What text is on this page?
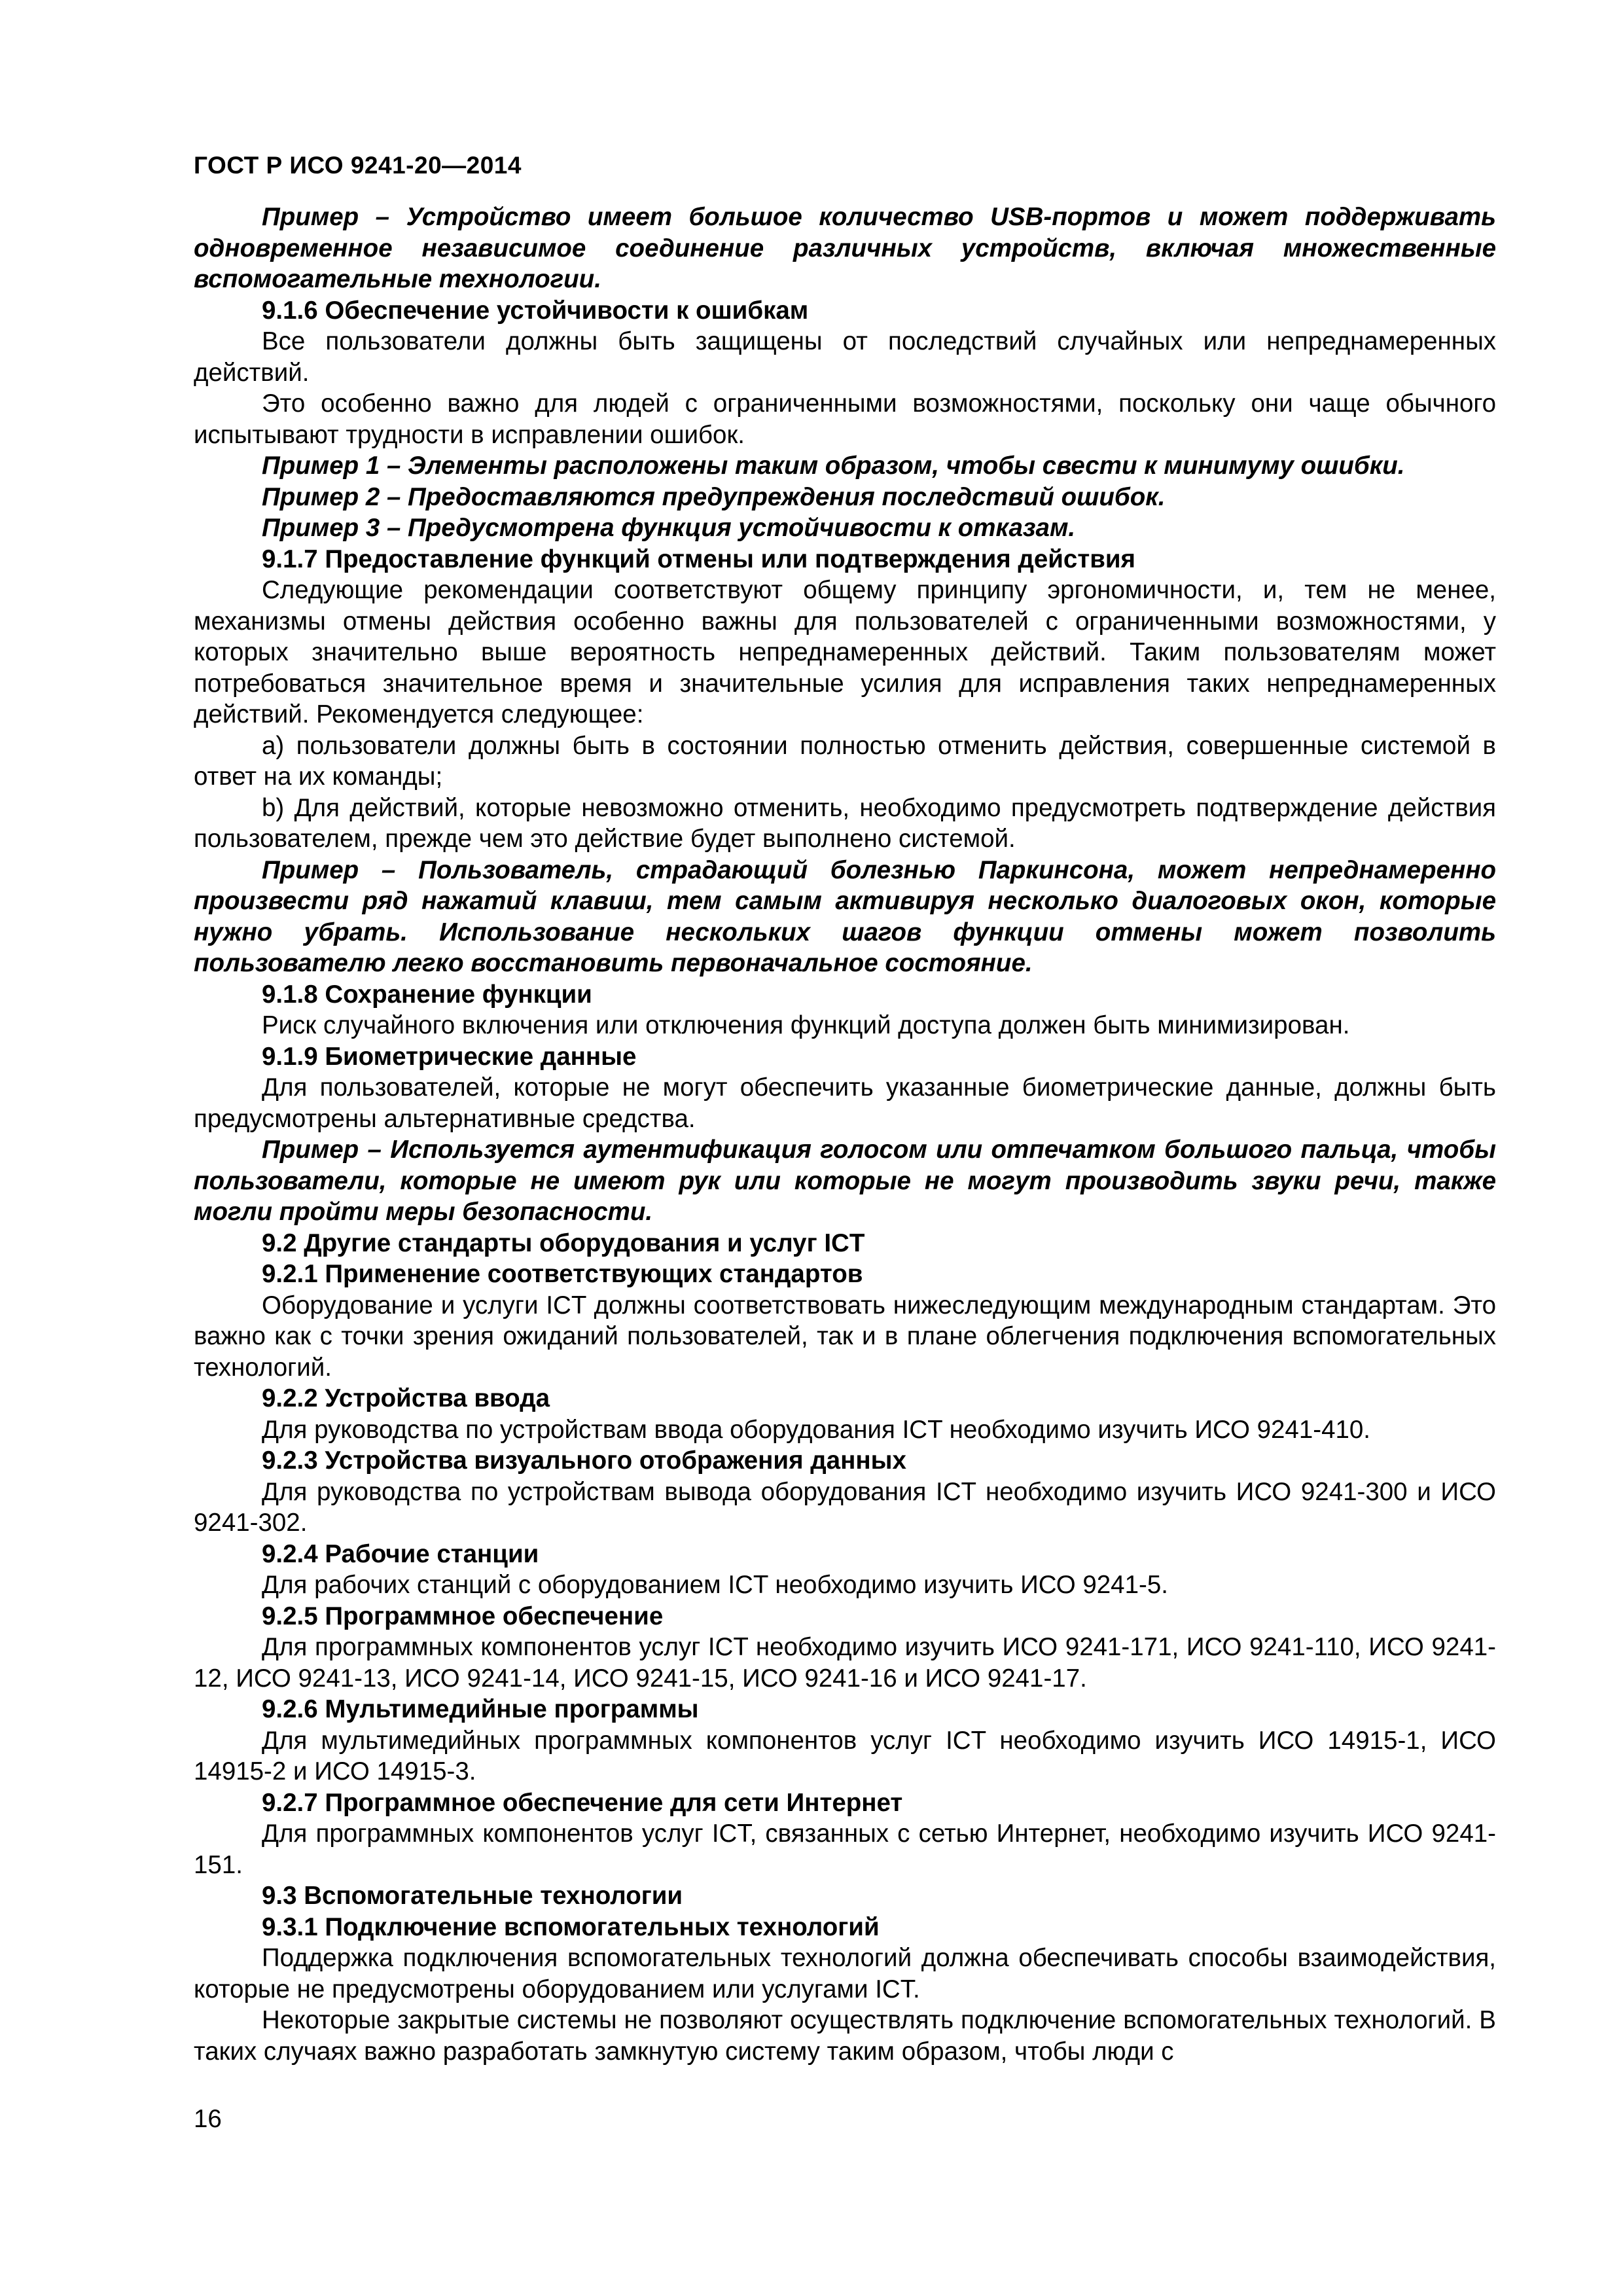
ГОСТ Р ИСО 9241-20—2014

Пример – Устройство имеет большое количество USB-портов и может поддерживать одновременное независимое соединение различных устройств, включая множественные вспомогательные технологии.

9.1.6 Обеспечение устойчивости к ошибкам

Все пользователи должны быть защищены от последствий случайных или непреднамеренных действий.

Это особенно важно для людей с ограниченными возможностями, поскольку они чаще обычного испытывают трудности в исправлении ошибок.

Пример 1 – Элементы расположены таким образом, чтобы свести к минимуму ошибки.

Пример 2 – Предоставляются предупреждения последствий ошибок.

Пример 3 – Предусмотрена функция устойчивости к отказам.

9.1.7 Предоставление функций отмены или подтверждения действия

Следующие рекомендации соответствуют общему принципу эргономичности, и, тем не менее, механизмы отмены действия особенно важны для пользователей с ограниченными возможностями, у которых значительно выше вероятность непреднамеренных действий. Таким пользователям может потребоваться значительное время и значительные усилия для исправления таких непреднамеренных действий. Рекомендуется следующее:

a) пользователи должны быть в состоянии полностью отменить действия, совершенные системой в ответ на их команды;

b) Для действий, которые невозможно отменить, необходимо предусмотреть подтверждение действия пользователем, прежде чем это действие будет выполнено системой.

Пример – Пользователь, страдающий болезнью Паркинсона, может непреднамеренно произвести ряд нажатий клавиш, тем самым активируя несколько диалоговых окон, которые нужно убрать. Использование нескольких шагов функции отмены может позволить пользователю легко восстановить первоначальное состояние.

9.1.8 Сохранение функции

Риск случайного включения или отключения функций доступа должен быть минимизирован.

9.1.9 Биометрические данные

Для пользователей, которые не могут обеспечить указанные биометрические данные, должны быть предусмотрены альтернативные средства.

Пример – Используется аутентификация голосом или отпечатком большого пальца, чтобы пользователи, которые не имеют рук или которые не могут производить звуки речи, также могли пройти меры безопасности.

9.2 Другие стандарты оборудования и услуг ICT

9.2.1 Применение соответствующих стандартов

Оборудование и услуги ICT должны соответствовать нижеследующим международным стандартам. Это важно как с точки зрения ожиданий пользователей, так и в плане облегчения подключения вспомогательных технологий.

9.2.2 Устройства ввода

Для руководства по устройствам ввода оборудования ICT необходимо изучить ИСО 9241-410.

9.2.3 Устройства визуального отображения данных

Для руководства по устройствам вывода оборудования ICT необходимо изучить ИСО 9241-300 и ИСО 9241-302.

9.2.4 Рабочие станции

Для рабочих станций с оборудованием ICT необходимо изучить ИСО 9241-5.

9.2.5 Программное обеспечение

Для программных компонентов услуг ICT необходимо изучить ИСО 9241-171, ИСО 9241-110, ИСО 9241-12, ИСО 9241-13, ИСО 9241-14, ИСО 9241-15, ИСО 9241-16 и ИСО 9241-17.

9.2.6 Мультимедийные программы

Для мультимедийных программных компонентов услуг ICT необходимо изучить ИСО 14915-1, ИСО 14915-2 и ИСО 14915-3.

9.2.7 Программное обеспечение для сети Интернет

Для программных компонентов услуг ICT, связанных с сетью Интернет, необходимо изучить ИСО 9241-151.

9.3 Вспомогательные технологии

9.3.1 Подключение вспомогательных технологий

Поддержка подключения вспомогательных технологий должна обеспечивать способы взаимодействия, которые не предусмотрены оборудованием или услугами ICT.

Некоторые закрытые системы не позволяют осуществлять подключение вспомогательных технологий. В таких случаях важно разработать замкнутую систему таким образом, чтобы люди с

16
